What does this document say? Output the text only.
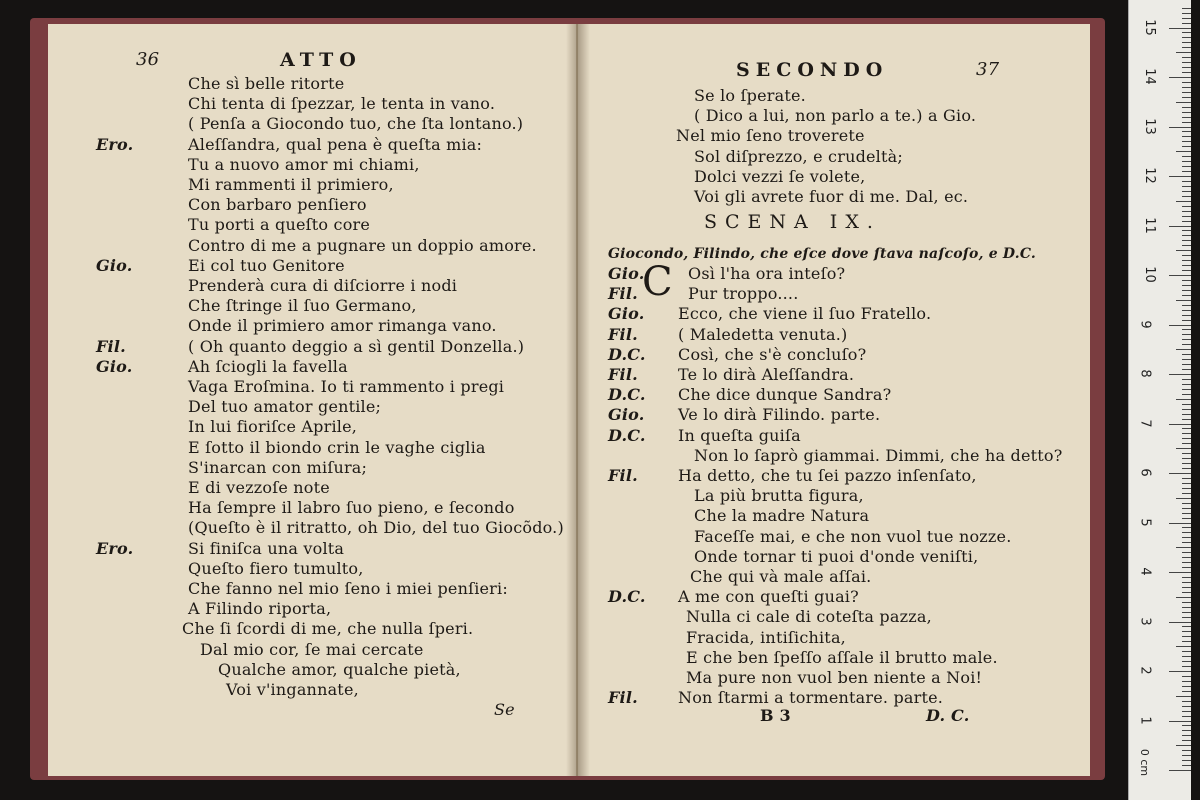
36	ATTO
Che sì belle ritorte
Chi tenta di ſpezzar, le tenta in vano.
( Penſa a Giocondo tuo, che ſta lontano.)
Ero.	Aleſſandra, qual pena è queſta mia:
Tu a nuovo amor mi chiami,
Mi rammenti il primiero,
Con barbaro penſiero
Tu porti a queſto core
Contro di me a pugnare un doppio amore.
Gio.	Ei col tuo Genitore
Prenderà cura di diſciorre i nodi
Che ſtringe il ſuo Germano,
Onde il primiero amor rimanga vano.
Fil.	( Oh quanto deggio a sì gentil Donzella.)
Gio.	Ah ſciogli la favella
Vaga Eroſmina. Io ti rammento i pregi
Del tuo amator gentile;
In lui fioriſce Aprile,
E ſotto il biondo crin le vaghe ciglia
S'inarcan con miſura;
E di vezzoſe note
Ha ſempre il labro ſuo pieno, e ſecondo
(Queſto è il ritratto, oh Dio, del tuo Giocõdo.)
Ero.	Si finiſca una volta
Queſto fiero tumulto,
Che fanno nel mio ſeno i miei penſieri:
A Filindo riporta,
Che ſi ſcordi di me, che nulla ſperi.
Dal mio cor, ſe mai cercate
Qualche amor, qualche pietà,
Voi v'ingannate,
Se
SECONDO	37
Se lo ſperate.
( Dico a lui, non parlo a te.) a Gio.
Nel mio ſeno troverete
Sol diſprezzo, e crudeltà;
Dolci vezzi ſe volete,
Voi gli avrete fuor di me. Dal, ec.
SCENA IX.
Giocondo, Filindo, che eſce dove ſtava naſcoſo, e D.C.
C
Gio.	Osì l'ha ora inteſo?
Fil.	Pur troppo....
Gio. Ecco, che viene il ſuo Fratello.
Fil.	( Maledetta venuta.)
D.C. Così, che s'è concluſo?
Fil.	Te lo dirà Aleſſandra.
D.C. Che dice dunque Sandra?
Gio. Ve lo dirà Filindo. parte.
D.C. In queſta guiſa
Non lo ſaprò giammai. Dimmi, che ha detto?
Fil.	Ha detto, che tu ſei pazzo inſenſato,
La più brutta figura,
Che la madre Natura
Faceſſe mai, e che non vuol tue nozze.
Onde tornar ti puoi d'onde veniſti,
Che qui và male aſſai.
D.C. A me con queſti guai?
Nulla ci cale di coteſta pazza,
Fracida, intiſichita,
E che ben ſpeſſo aſſale il brutto male.
Ma pure non vuol ben niente a Noi!
Fil.	Non ſtarmi a tormentare. parte.
B 3	D. C.	1
2
3
4
5
6
7
8
9
10
11
12
13
14
15
0 cm
